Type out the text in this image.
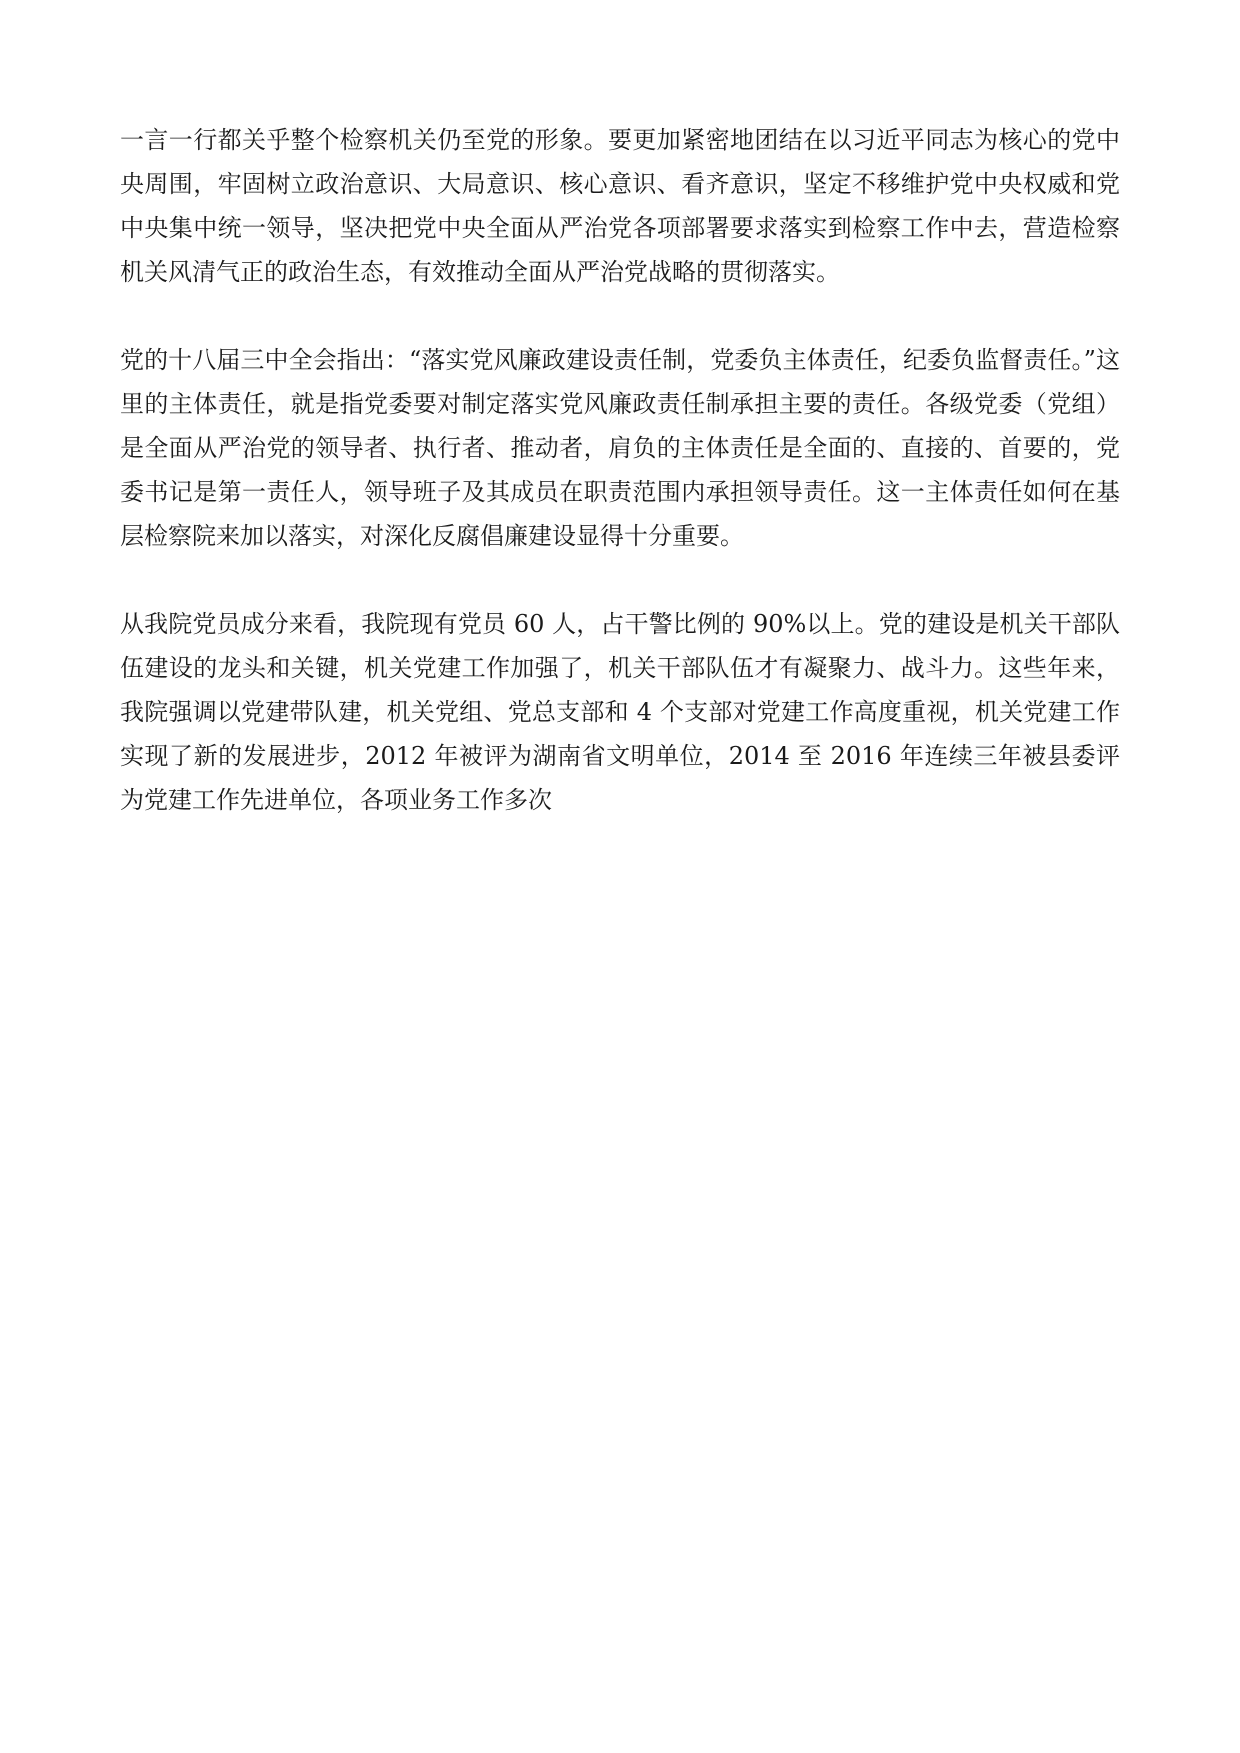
一言一行都关乎整个检察机关仍至党的形象。要更加紧密地团结在以习近平同志为核心的党中央周围，牢固树立政治意识、大局意识、核心意识、看齐意识，坚定不移维护党中央权威和党中央集中统一领导，坚决把党中央全面从严治党各项部署要求落实到检察工作中去，营造检察机关风清气正的政治生态，有效推动全面从严治党战略的贯彻落实。

党的十八届三中全会指出：“落实党风廉政建设责任制，党委负主体责任，纪委负监督责任。”这里的主体责任，就是指党委要对制定落实党风廉政责任制承担主要的责任。各级党委（党组）是全面从严治党的领导者、执行者、推动者，肩负的主体责任是全面的、直接的、首要的，党委书记是第一责任人，领导班子及其成员在职责范围内承担领导责任。这一主体责任如何在基层检察院来加以落实，对深化反腐倡廉建设显得十分重要。

从我院党员成分来看，我院现有党员 60 人，占干警比例的 90%以上。党的建设是机关干部队伍建设的龙头和关键，机关党建工作加强了，机关干部队伍才有凝聚力、战斗力。这些年来，我院强调以党建带队建，机关党组、党总支部和 4 个支部对党建工作高度重视，机关党建工作实现了新的发展进步，2012 年被评为湖南省文明单位，2014 至 2016 年连续三年被县委评为党建工作先进单位，各项业务工作多次
